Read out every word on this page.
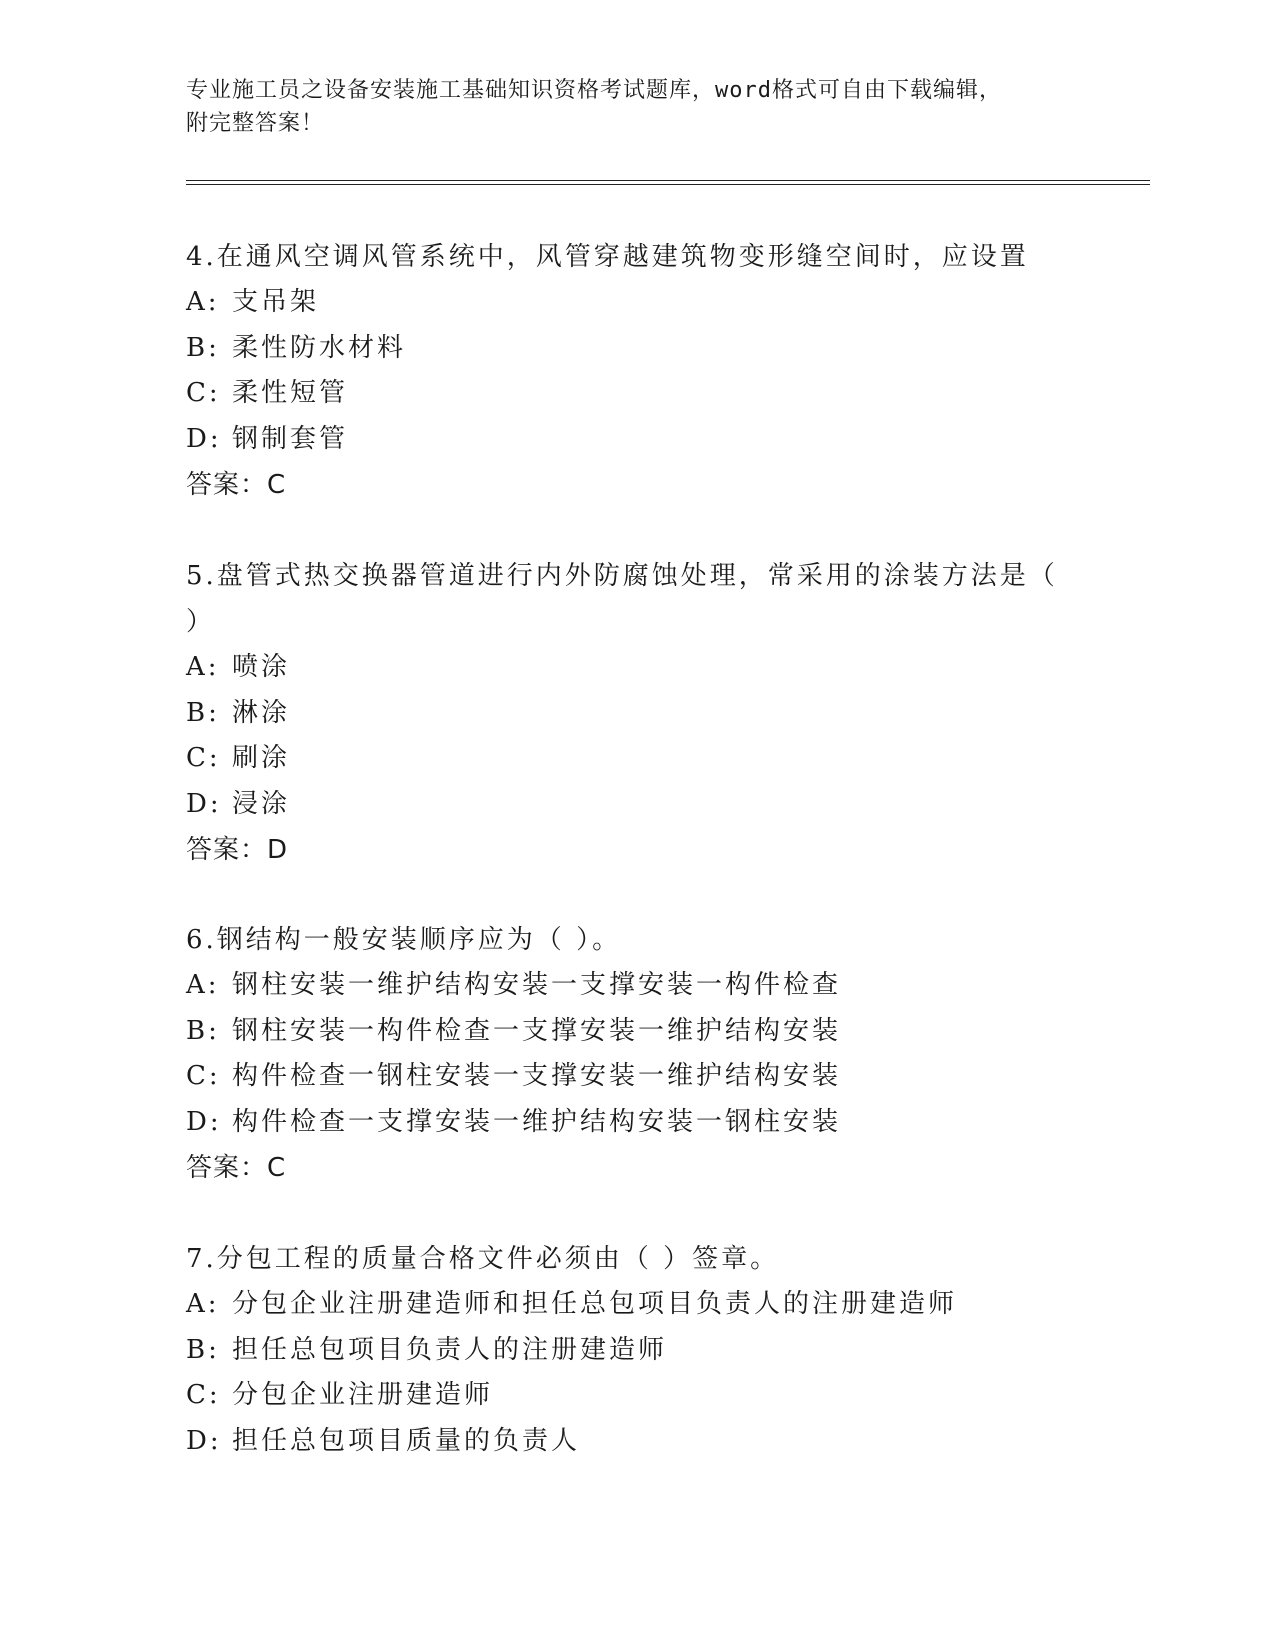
专业施工员之设备安装施工基础知识资格考试题库，word格式可自由下载编辑，
附完整答案！

4.在通风空调风管系统中，风管穿越建筑物变形缝空间时，应设置

A: 支吊架

B: 柔性防水材料

C: 柔性短管

D: 钢制套管

答案：C

5.盘管式热交换器管道进行内外防腐蚀处理，常采用的涂装方法是（

）

A: 喷涂

B: 淋涂

C: 刷涂

D: 浸涂

答案：D

6.钢结构一般安装顺序应为（ ）。

A: 钢柱安装一维护结构安装一支撑安装一构件检查

B: 钢柱安装一构件检查一支撑安装一维护结构安装

C: 构件检查一钢柱安装一支撑安装一维护结构安装

D: 构件检查一支撑安装一维护结构安装一钢柱安装

答案：C

7.分包工程的质量合格文件必须由（ ）签章。

A: 分包企业注册建造师和担任总包项目负责人的注册建造师

B: 担任总包项目负责人的注册建造师

C: 分包企业注册建造师

D: 担任总包项目质量的负责人
